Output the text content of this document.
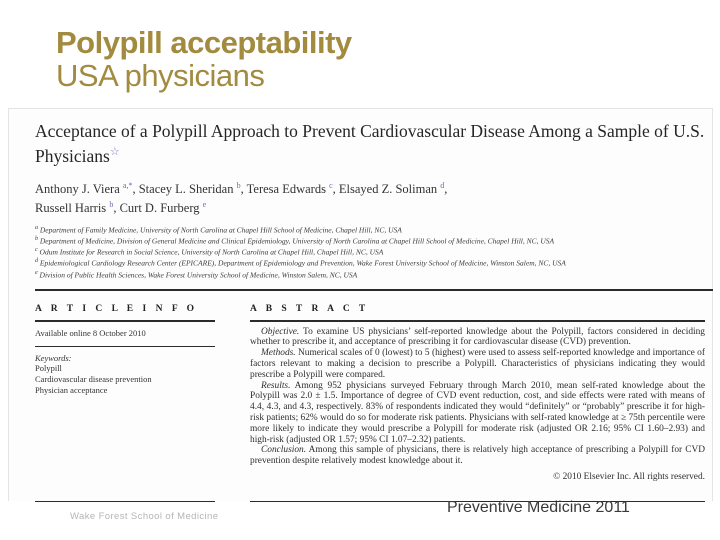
Polypill acceptability
USA physicians
Acceptance of a Polypill Approach to Prevent Cardiovascular Disease Among a Sample of U.S. Physicians☆
Anthony J. Viera $^{a,*}$, Stacey L. Sheridan $^b$, Teresa Edwards $^c$, Elsayed Z. Soliman $^d$,
Russell Harris $^b$, Curt D. Furberg $^e$
$^a$ Department of Family Medicine, University of North Carolina at Chapel Hill School of Medicine, Chapel Hill, NC, USA
$^b$ Department of Medicine, Division of General Medicine and Clinical Epidemiology, University of North Carolina at Chapel Hill School of Medicine, Chapel Hill, NC, USA
$^c$ Odum Institute for Research in Social Science, University of North Carolina at Chapel Hill, Chapel Hill, NC, USA
$^d$ Epidemiological Cardiology Research Center (EPICARE), Department of Epidemiology and Prevention, Wake Forest University School of Medicine, Winston Salem, NC, USA
$^e$ Division of Public Health Sciences, Wake Forest University School of Medicine, Winston Salem, NC, USA
A R T I C L E I N F O
Available online 8 October 2010
Keywords:
Polypill
Cardiovascular disease prevention
Physician acceptance
A B S T R A C T

Objective. To examine US physicians’ self-reported knowledge about the Polypill, factors considered in deciding whether to prescribe it, and acceptance of prescribing it for cardiovascular disease (CVD) prevention.

Methods. Numerical scales of 0 (lowest) to 5 (highest) were used to assess self-reported knowledge and importance of factors relevant to making a decision to prescribe a Polypill. Characteristics of physicians indicating they would prescribe a Polypill were compared.

Results. Among 952 physicians surveyed February through March 2010, mean self-rated knowledge about the Polypill was 2.0 ± 1.5. Importance of degree of CVD event reduction, cost, and side effects were rated with means of 4.4, 4.3, and 4.3, respectively. 83% of respondents indicated they would “definitely” or “probably” prescribe it for high-risk patients; 62% would do so for moderate risk patients. Physicians with self-rated knowledge at ≥ 75th percentile were more likely to indicate they would prescribe a Polypill for moderate risk (adjusted OR 2.16; 95% CI 1.60–2.93) and high-risk (adjusted OR 1.57; 95% CI 1.07–2.32) patients.

Conclusion. Among this sample of physicians, there is relatively high acceptance of prescribing a Polypill for CVD prevention despite relatively modest knowledge about it.

© 2010 Elsevier Inc. All rights reserved.
Wake Forest School of Medicine
Preventive Medicine 2011
